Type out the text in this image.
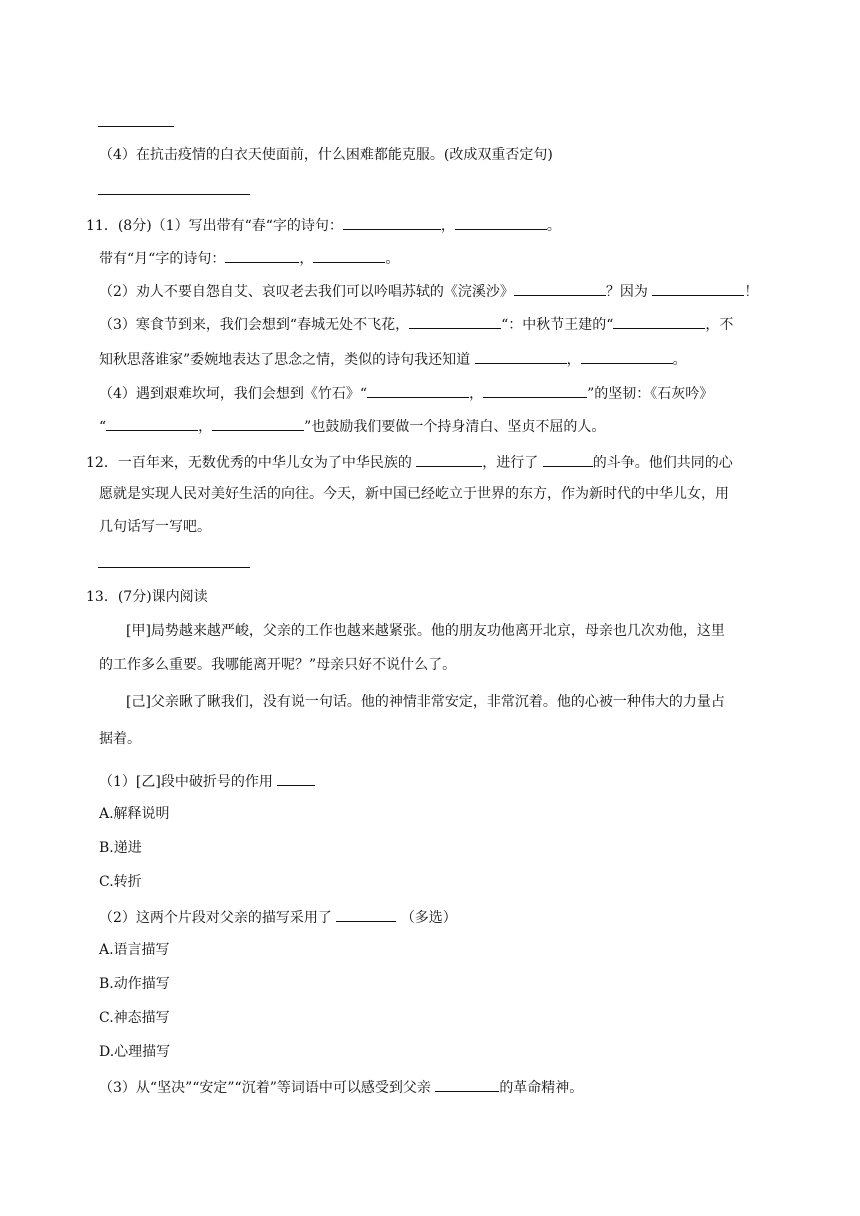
（4）在抗击疫情的白衣天使面前，什么困难都能克服。(改成双重否定句)
11．(8分)（1）写出带有“春“字的诗句：	，	。
带有“月“字的诗句：	，	。
（2）劝人不要自怨自艾、哀叹老去我们可以吟唱苏轼的《浣溪沙》	？因为	！
（3）寒食节到来，我们会想到“春城无处不飞花，	“：中秋节王建的“	，不
知秋思落谁家”委婉地表达了思念之情，类似的诗句我还知道	，	。
（4）遇到艰难坎坷，我们会想到《竹石》“	，	”的坚韧：《石灰吟》
“	，	”也鼓励我们要做一个持身清白、坚贞不屈的人。
12．一百年来，无数优秀的中华儿女为了中华民族的	，进行了	的斗争。他们共同的心
愿就是实现人民对美好生活的向往。今天，新中国已经屹立于世界的东方，作为新时代的中华儿女，用
几句话写一写吧。
13．(7分)课内阅读
[甲]局势越来越严峻，父亲的工作也越来越紧张。他的朋友功他离开北京，母亲也几次劝他，这里
的工作多么重要。我哪能离开呢？”母亲只好不说什么了。
[己]父亲瞅了瞅我们，没有说一句话。他的神情非常安定，非常沉着。他的心被一种伟大的力量占
据着。
（1）[乙]段中破折号的作用
A.解释说明
B.递进
C.转折
（2）这两个片段对父亲的描写采用了	（多选）
A.语言描写
B.动作描写
C.神态描写
D.心理描写
（3）从“坚决”“安定”“沉着”等词语中可以感受到父亲	的革命精神。
